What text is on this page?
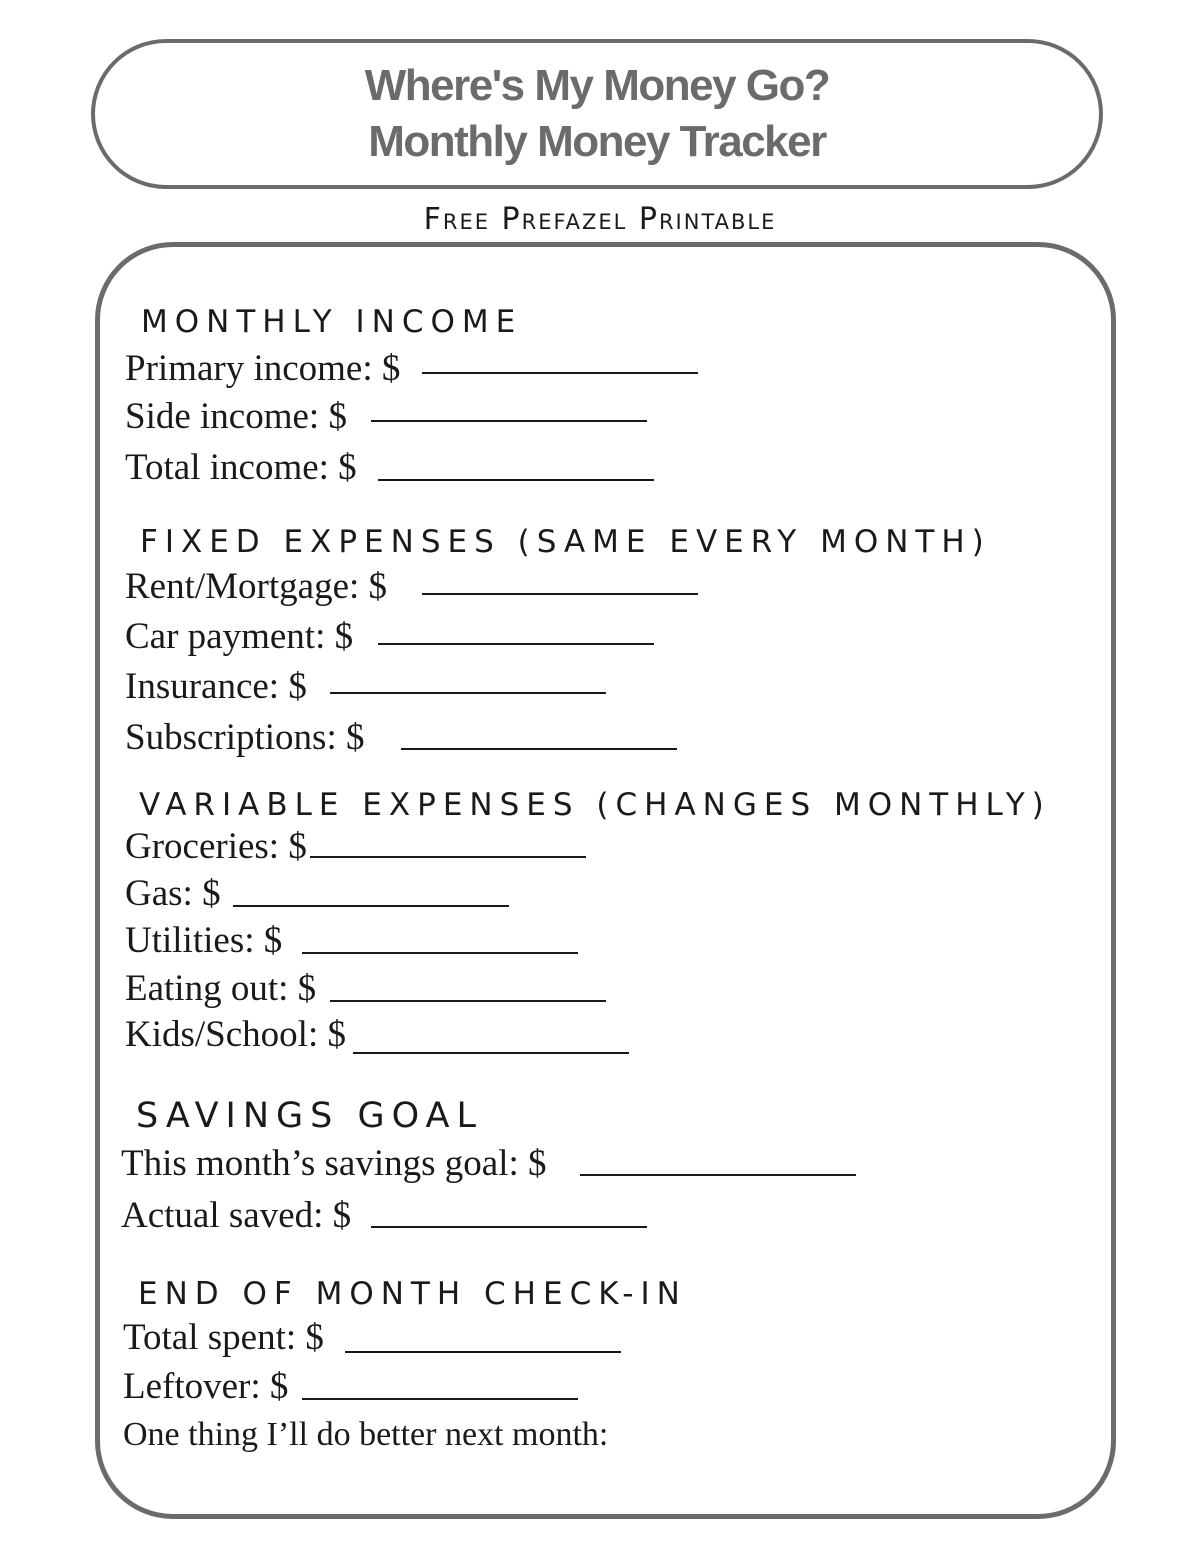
Where's My Money Go?
Monthly Money Tracker
Free Prefazel Printable
MONTHLY INCOME
Primary income: $
Side income: $
Total income: $
FIXED EXPENSES (SAME EVERY MONTH)
Rent/Mortgage: $
Car payment: $
Insurance: $
Subscriptions: $
VARIABLE EXPENSES (CHANGES MONTHLY)
Groceries: $
Gas: $
Utilities: $
Eating out: $
Kids/School: $
SAVINGS GOAL
This month’s savings goal: $
Actual saved: $
END OF MONTH CHECK-IN
Total spent: $
Leftover: $
One thing I’ll do better next month:
